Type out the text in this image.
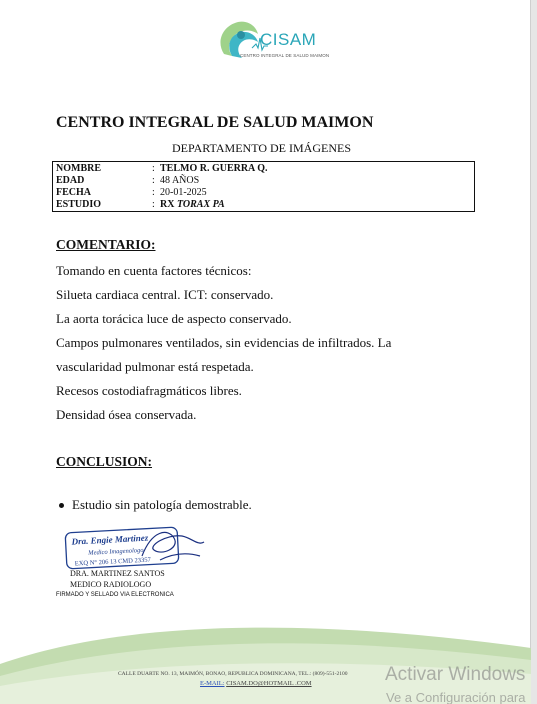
CISAM
CENTRO INTEGRAL DE SALUD MAIMON
CENTRO INTEGRAL DE SALUD MAIMON
DEPARTAMENTO DE IMÁGENES
NOMBRE	: TELMO R. GUERRA Q.
EDAD	: 48 AÑOS
FECHA	: 20-01-2025
ESTUDIO	: RX TORAX PA
COMENTARIO:
Tomando en cuenta factores técnicos:
Silueta cardiaca central. ICT: conservado.
La aorta torácica luce de aspecto conservado.
Campos pulmonares ventilados, sin evidencias de infiltrados. La
vascularidad pulmonar está respetada.
Recesos costodiafragmáticos libres.
Densidad ósea conservada.
CONCLUSION:
Estudio sin patología demostrable.
Dra. Engie Martinez
Medico Imagenologo
EXQ N° 206 13 CMD 23357
DRA. MARTINEZ SANTOS
MEDICO RADIOLOGO
FIRMADO Y SELLADO VIA ELECTRONICA
CALLE DUARTE NO. 13, MAIMÓN, BONAO, REPUBLICA DOMINICANA, TEL.: (809)-551-2100
E-MAIL: CISAM.DO@HOTMAIL .COM	Activar Windows
Ve a Configuración para
